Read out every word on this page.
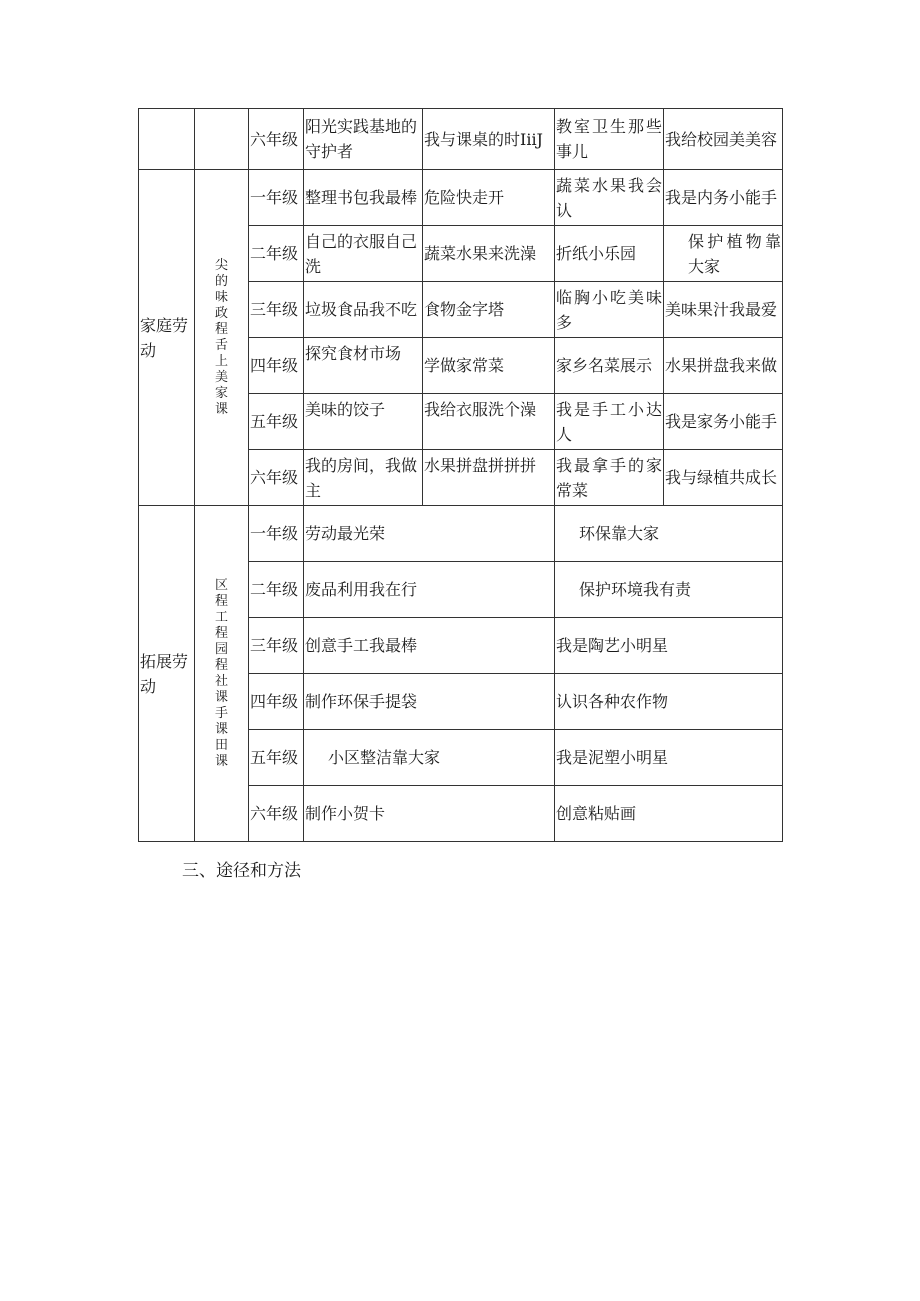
		六年级	阳光实践基地的守护者	我与课桌的时IiiJ	教室卫生那些事儿	我给校园美美容
家庭劳动	尖的味政程舌上美家课	一年级	整理书包我最棒	危险快走开	蔬菜水果我会认	我是内务小能手
		二年级	自己的衣服自己洗	蔬菜水果来洗澡	折纸小乐园	保护植物靠大家

		三年级	垃圾食品我不吃	食物金字塔	临胸小吃美味多	美味果汁我最爱
		四年级	探究食材市场	学做家常菜	家乡名菜展示	水果拼盘我来做
		五年级	美味的饺子	我给衣服洗个澡	我是手工小达人	我是家务小能手
		六年级	我的房间，我做主	水果拼盘拼拼拼	我最拿手的家常菜	我与绿植共成长
拓展劳动	区程工程园程社课手课田课	一年级	劳动最光荣		环保靠大家	
		二年级	废品利用我在行		保护环境我有责	
		三年级	创意手工我最棒		我是陶艺小明星	
		四年级	制作环保手提袋		认识各种农作物	
		五年级	小区整洁靠大家		我是泥塑小明星	
		六年级	制作小贺卡		创意粘贴画	
三、途径和方法
